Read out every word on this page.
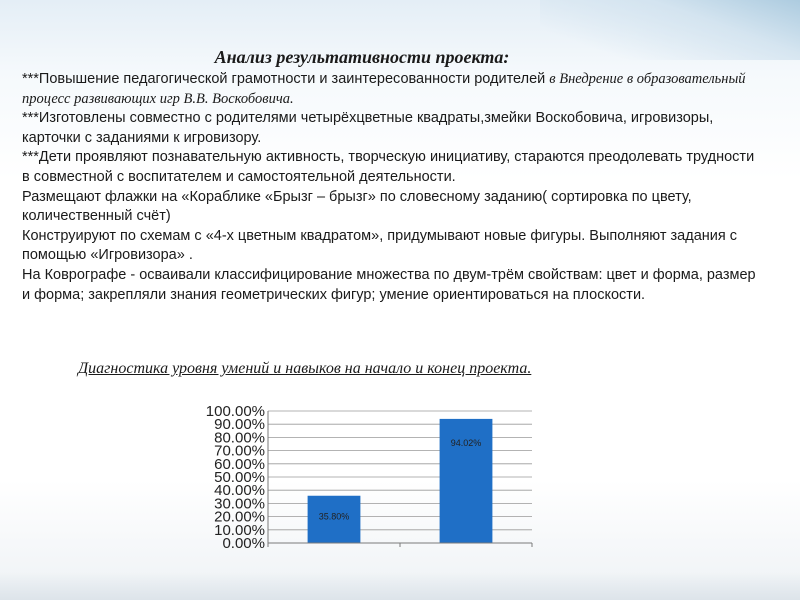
Анализ результативности проекта:

***Повышение педагогической грамотности и заинтересованности родителей в Внедрение в образовательный процесс развивающих игр В.В. Воскобовича.

***Изготовлены совместно с родителями четырёхцветные квадраты,змейки Воскобовича, игровизоры, карточки с заданиями к игровизору.

***Дети проявляют познавательную активность, творческую инициативу, стараются преодолевать трудности в совместной с воспитателем и самостоятельной деятельности.

Размещают флажки на «Кораблике «Брызг – брызг» по словесному заданию( сортировка по цвету, количественный счёт)

Конструируют по схемам с «4-х цветным квадратом», придумывают новые фигуры. Выполняют задания с помощью «Игровизора» .

На Коврографе - осваивали классифицирование множества по двум-трём свойствам: цвет и форма, размер и форма; закрепляли знания геометрических фигур; умение ориентироваться на плоскости.

Диагностика уровня умений и навыков на начало и конец проекта.
0.00%
10.00%
20.00%
30.00%
40.00%
50.00%
60.00%
70.00%
80.00%
90.00%
100.00%
35.80%
94.02%
